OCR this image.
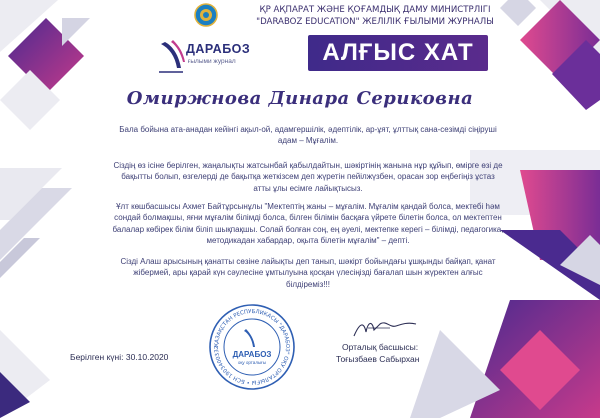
ҚР АҚПАРАТ ЖӘНЕ ҚОҒАМДЫҚ ДАМУ МИНИСТРЛІГІ
"DARABOZ EDUCATION" ЖЕЛІЛІК ҒЫЛЫМИ ЖУРНАЛЫ
ДАРАБОЗ
ғылыми журнал	АЛҒЫС ХАТ
Омиржнова Динара Сериковна
Бала бойына ата-анадан кейінгі ақыл-ой, адамгершілік, әдептілік, ар-ұят, ұлттық сана-сезімді сіңіруші адам – Мұғалім.
Сіздің өз ісіне берілген, жаңалықты жатсынбай қабылдайтын, шәкіртінің жанына нұр құйып, өмірге өзі де бақытты болып, өзгелерді де бақытқа жеткізсем деп жүретін пейілжүзбен, орасан зор еңбегіңіз ұстаз атты ұлы есімге лайықтысыз.
Ұлт көшбасшысы Ахмет Байтұрсынұлы "Мектептің жаны – мұғалім. Мұғалім қандай болса, мектебі һәм сондай болмақшы, яғни мұғалім білімді болса, білген білімін басқаға үйрете білетін болса, ол мектептен балалар көбірек білім біліп шықпақшы. Солай болған соң, ең әуелі, мектепке керегі – білімді, педагогика, методикадан хабардар, оқыта білетін мұғалім" – депті.
Сізді Алаш арысының қанатты сөзіне лайықты деп танып, шәкірт бойындағы ұшқынды байқап, қанат жібермей, ары қарай күн сәулесіне ұмтылуына қосқан үлесіңізді бағалап шын жүректен алғыс білдіреміз!!!
ҚАЗАҚСТАН РЕСПУБЛИКАСЫ "ДАРАБОЗ" ОҚУ ОРТАЛЫҒЫ • БСН 1903400332
ДАРАБОЗ
оқу орталығы
Берілген күні: 30.10.2020
Орталық басшысы:
Тоғызбаев Сабырхан
